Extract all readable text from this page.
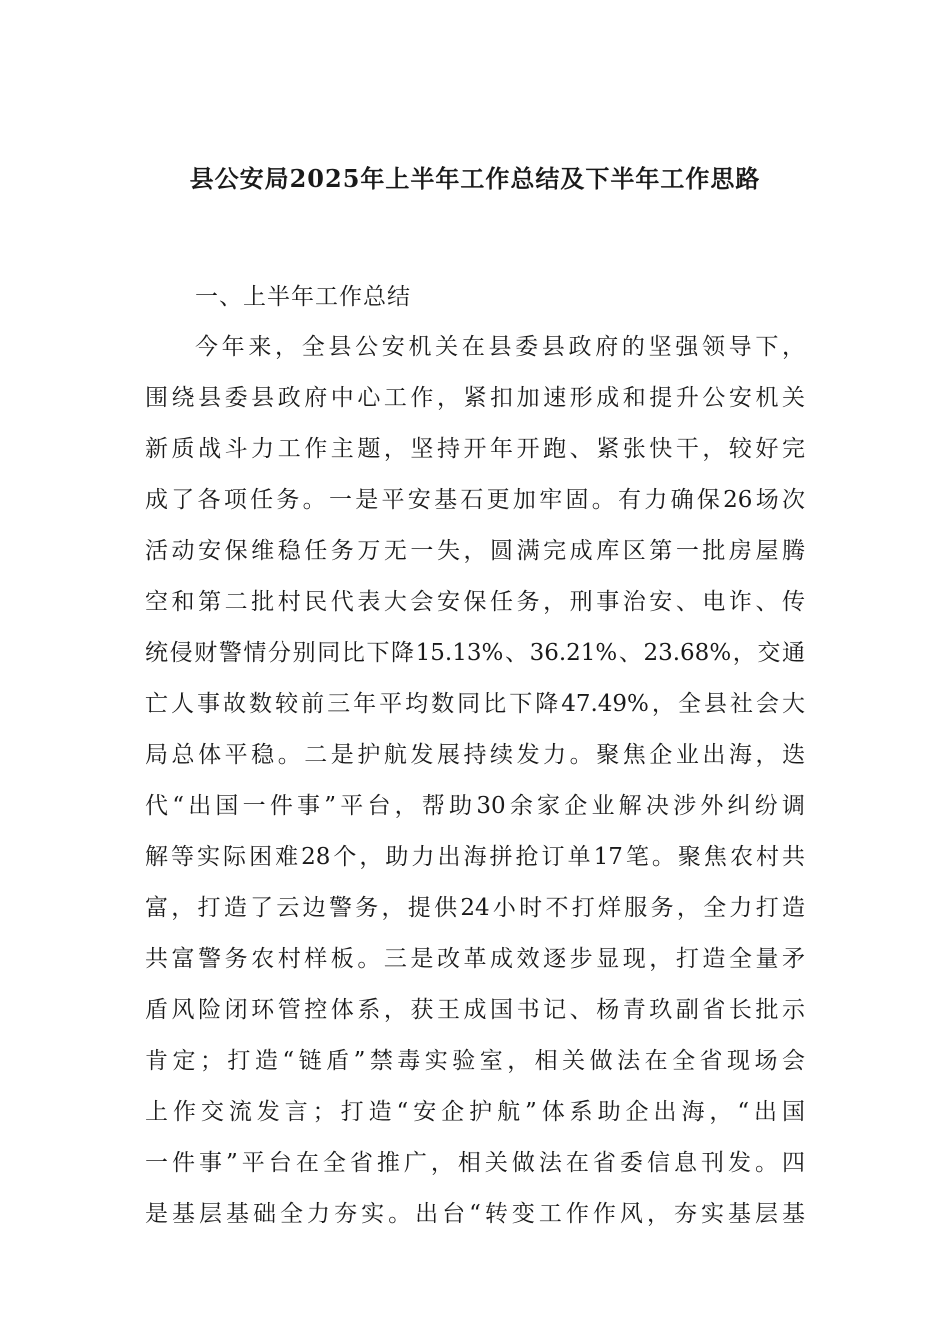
县公安局2025年上半年工作总结及下半年工作思路
一、上半年工作总结
今年来，全县公安机关在县委县政府的坚强领导下，
围绕县委县政府中心工作，紧扣加速形成和提升公安机关
新质战斗力工作主题，坚持开年开跑、紧张快干，较好完
成了各项任务。一是平安基石更加牢固。有力确保26场次
活动安保维稳任务万无一失，圆满完成库区第一批房屋腾
空和第二批村民代表大会安保任务，刑事治安、电诈、传
统侵财警情分别同比下降15.13%、36.21%、23.68%，交通
亡人事故数较前三年平均数同比下降47.49%，全县社会大
局总体平稳。二是护航发展持续发力。聚焦企业出海，迭
代“出国一件事”平台，帮助30余家企业解决涉外纠纷调
解等实际困难28个，助力出海拼抢订单17笔。聚焦农村共
富，打造了云边警务，提供24小时不打烊服务，全力打造
共富警务农村样板。三是改革成效逐步显现，打造全量矛
盾风险闭环管控体系，获王成国书记、杨青玖副省长批示
肯定；打造“链盾”禁毒实验室，相关做法在全省现场会
上作交流发言；打造“安企护航”体系助企出海，“出国
一件事”平台在全省推广，相关做法在省委信息刊发。四
是基层基础全力夯实。出台“转变工作作风，夯实基层基
